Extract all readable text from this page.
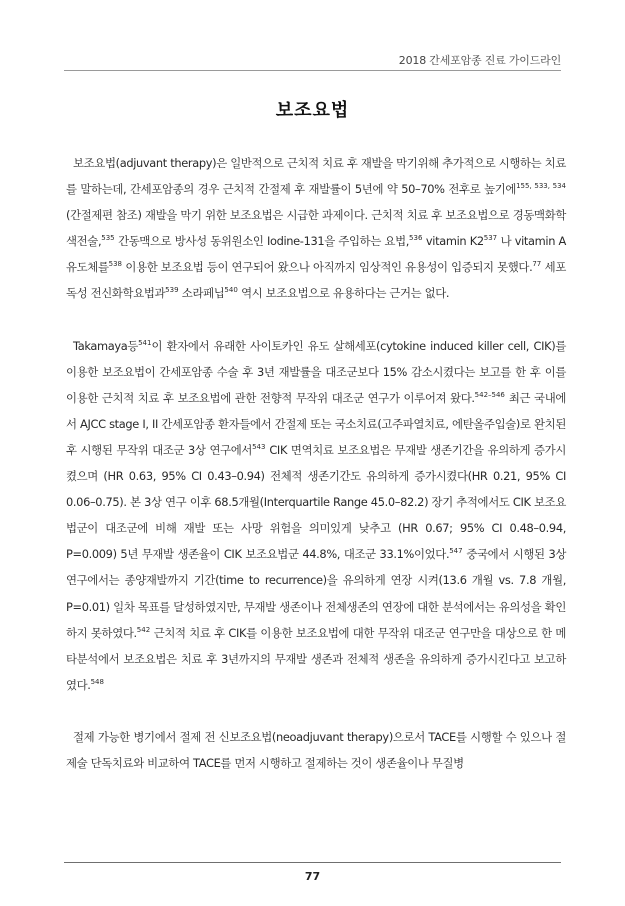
2018 간세포암종 진료 가이드라인
보조요법

보조요법(adjuvant therapy)은 일반적으로 근치적 치료 후 재발을 막기위해 추가적으로 시행하는 치료를 말하는데, 간세포암종의 경우 근치적 간절제 후 재발률이 5년에 약 50–70% 전후로 높기에$^{155, 533, 534}$ (간절제편 참조) 재발을 막기 위한 보조요법은 시급한 과제이다. 근치적 치료 후 보조요법으로 경동맥화학색전술,$^{535}$ 간동맥으로 방사성 동위원소인 Iodine-131을 주입하는 요법,$^{536}$ vitamin $K2^{537}$ 나 vitamin A 유도체를$^{538}$ 이용한 보조요법 등이 연구되어 왔으나 아직까지 임상적인 유용성이 입증되지 못했다.$^{77}$ 세포독성 전신화학요법과$^{539}$ 소라페닙$^{540}$ 역시 보조요법으로 유용하다는 근거는 없다.

Takamaya등$^{541}$이 환자에서 유래한 사이토카인 유도 살해세포(cytokine induced killer cell, CIK)를 이용한 보조요법이 간세포암종 수술 후 3년 재발률을 대조군보다 15% 감소시켰다는 보고를 한 후 이를 이용한 근치적 치료 후 보조요법에 관한 전향적 무작위 대조군 연구가 이루어져 왔다.$^{542-546}$ 최근 국내에서 AJCC stage I, II 간세포암종 환자들에서 간절제 또는 국소치료(고주파열치료, 에탄올주입술)로 완치된 후 시행된 무작위 대조군 3상 연구에서$^{543}$ CIK 면역치료 보조요법은 무재발 생존기간을 유의하게 증가시켰으며 (HR 0.63, 95% CI 0.43–0.94) 전체적 생존기간도 유의하게 증가시켰다(HR 0.21, 95% CI 0.06–0.75). 본 3상 연구 이후 68.5개월(Interquartile Range 45.0–82.2) 장기 추적에서도 CIK 보조요법군이 대조군에 비해 재발 또는 사망 위험을 의미있게 낮추고 (HR 0.67; 95% CI 0.48–0.94, P=0.009) 5년 무재발 생존율이 CIK 보조요법군 44.8%, 대조군 33.1%이었다.$^{547}$ 중국에서 시행된 3상 연구에서는 종양재발까지 기간(time to recurrence)을 유의하게 연장 시켜(13.6 개월 vs. 7.8 개월, P=0.01) 일차 목표를 달성하였지만, 무재발 생존이나 전체생존의 연장에 대한 분석에서는 유의성을 확인하지 못하였다.$^{542}$ 근치적 치료 후 CIK를 이용한 보조요법에 대한 무작위 대조군 연구만을 대상으로 한 메타분석에서 보조요법은 치료 후 3년까지의 무재발 생존과 전체적 생존을 유의하게 증가시킨다고 보고하였다.$^{548}$

절제 가능한 병기에서 절제 전 신보조요법(neoadjuvant therapy)으로서 TACE를 시행할 수 있으나 절제술 단독치료와 비교하여 TACE를 먼저 시행하고 절제하는 것이 생존율이나 무질병

77
